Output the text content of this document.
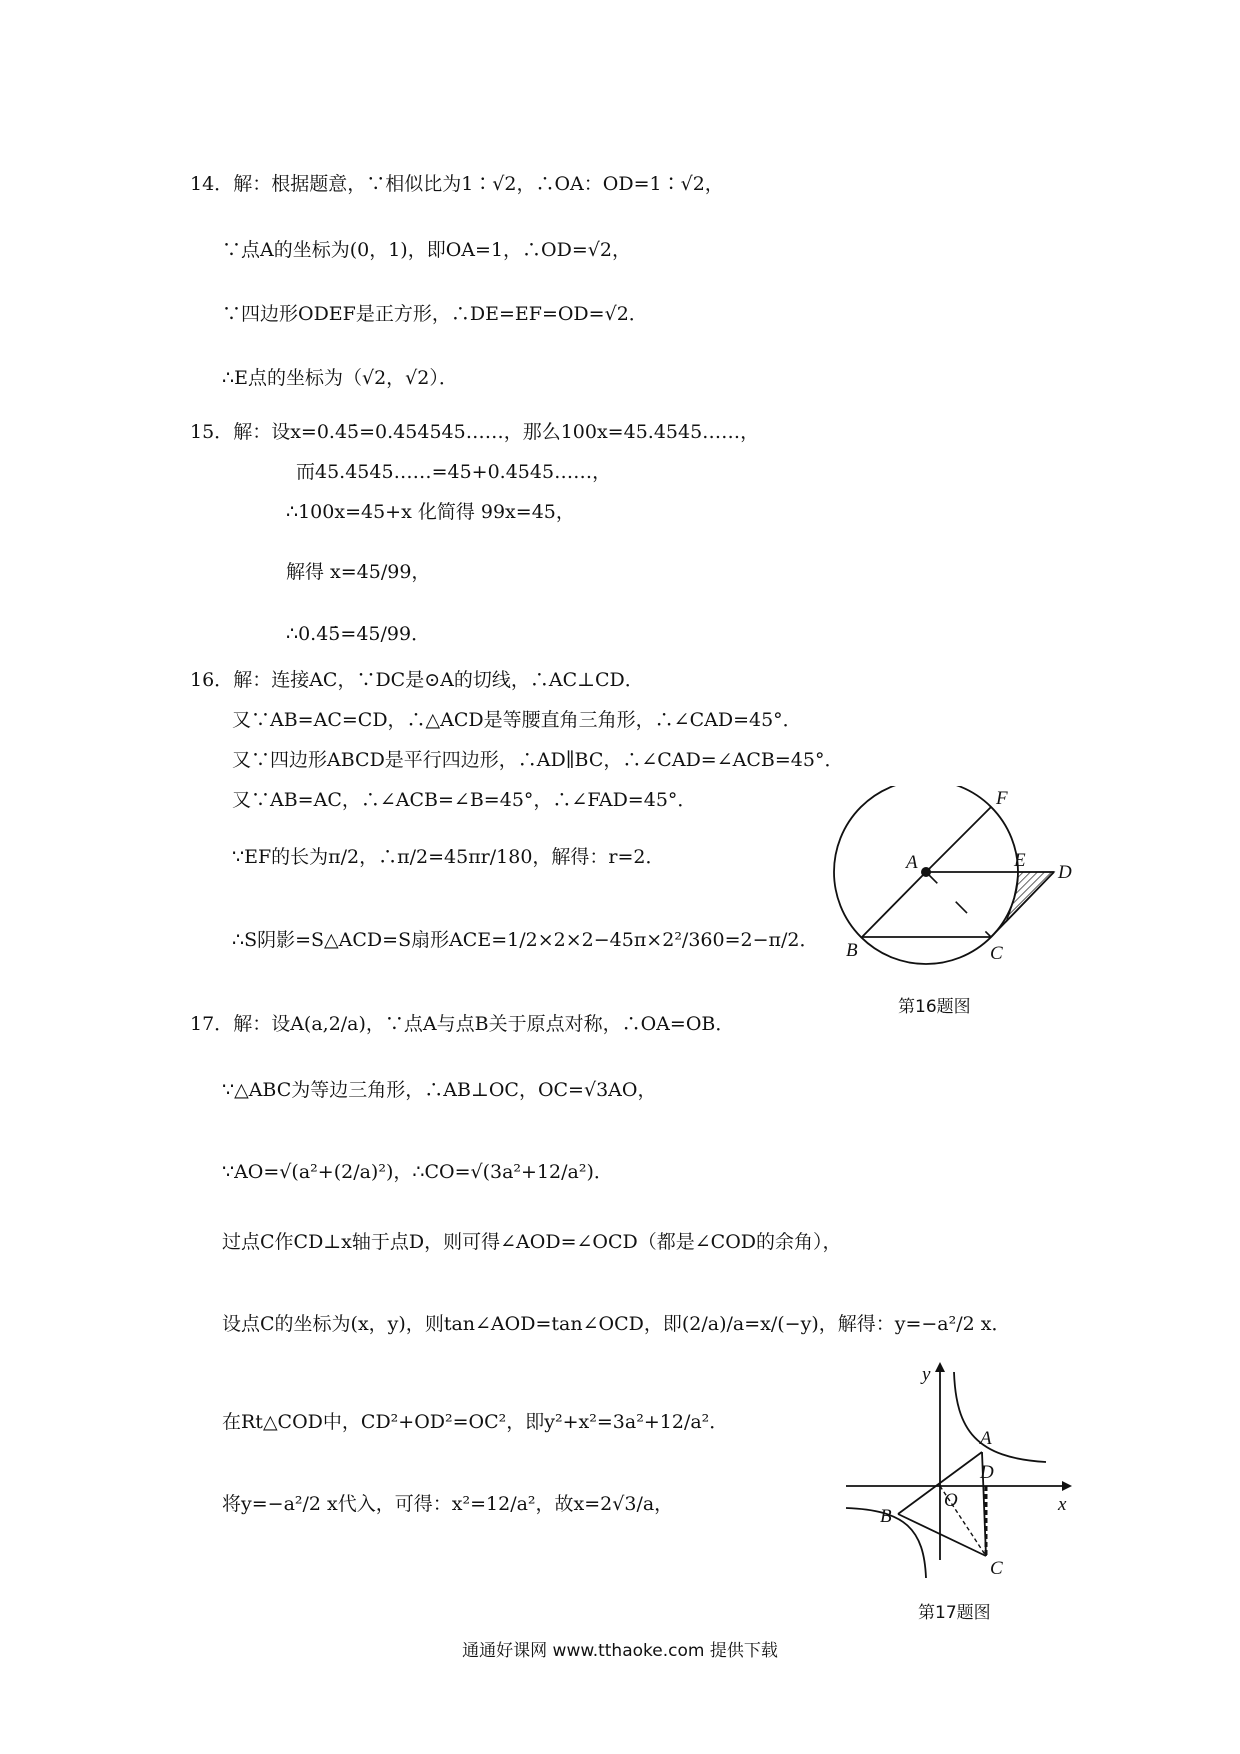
14．解：根据题意，∵相似比为1∶√2，∴OA：OD=1∶√2，
∵点A的坐标为(0，1)，即OA=1，∴OD=√2，
∵四边形ODEF是正方形，∴DE=EF=OD=√2．
∴E点的坐标为（√2，√2）．
15．解：设x=0.4̇5̇=0.454545……，那么100x=45.4545……，
而45.4545……=45+0.4545……，
∴100x=45+x 化简得 99x=45，
解得 x=45/99，
∴0.4̇5̇=45/99．
16．解：连接AC，∵DC是⊙A的切线，∴AC⊥CD．
又∵AB=AC=CD，∴△ACD是等腰直角三角形，∴∠CAD=45°．
又∵四边形ABCD是平行四边形，∴AD∥BC，∴∠CAD=∠ACB=45°．
又∵AB=AC，∴∠ACB=∠B=45°，∴∠FAD=45°．
∵EF的长为π/2，∴π/2=45πr/180，解得：r=2．
∴S阴影=S△ACD=S扇形ACE=1/2×2×2−45π×2²/360=2−π/2．
A
B	C
D
E
F
第16题图
17．解：设A(a,2/a)，∵点A与点B关于原点对称，∴OA=OB．
∵△ABC为等边三角形，∴AB⊥OC，OC=√3AO，
∵AO=√(a²+(2/a)²)，∴CO=√(3a²+12/a²)．
过点C作CD⊥x轴于点D，则可得∠AOD=∠OCD（都是∠COD的余角），
设点C的坐标为(x，y)，则tan∠AOD=tan∠OCD，即(2/a)/a=x/(−y)，解得：y=−a²/2 x．
在Rt△COD中，CD²+OD²=OC²，即y²+x²=3a²+12/a²．
将y=−a²/2 x代入，可得：x²=12/a²，故x=2√3/a，
y
x
A
B
C
D
O
第17题图
通通好课网 www.tthaoke.com 提供下载
